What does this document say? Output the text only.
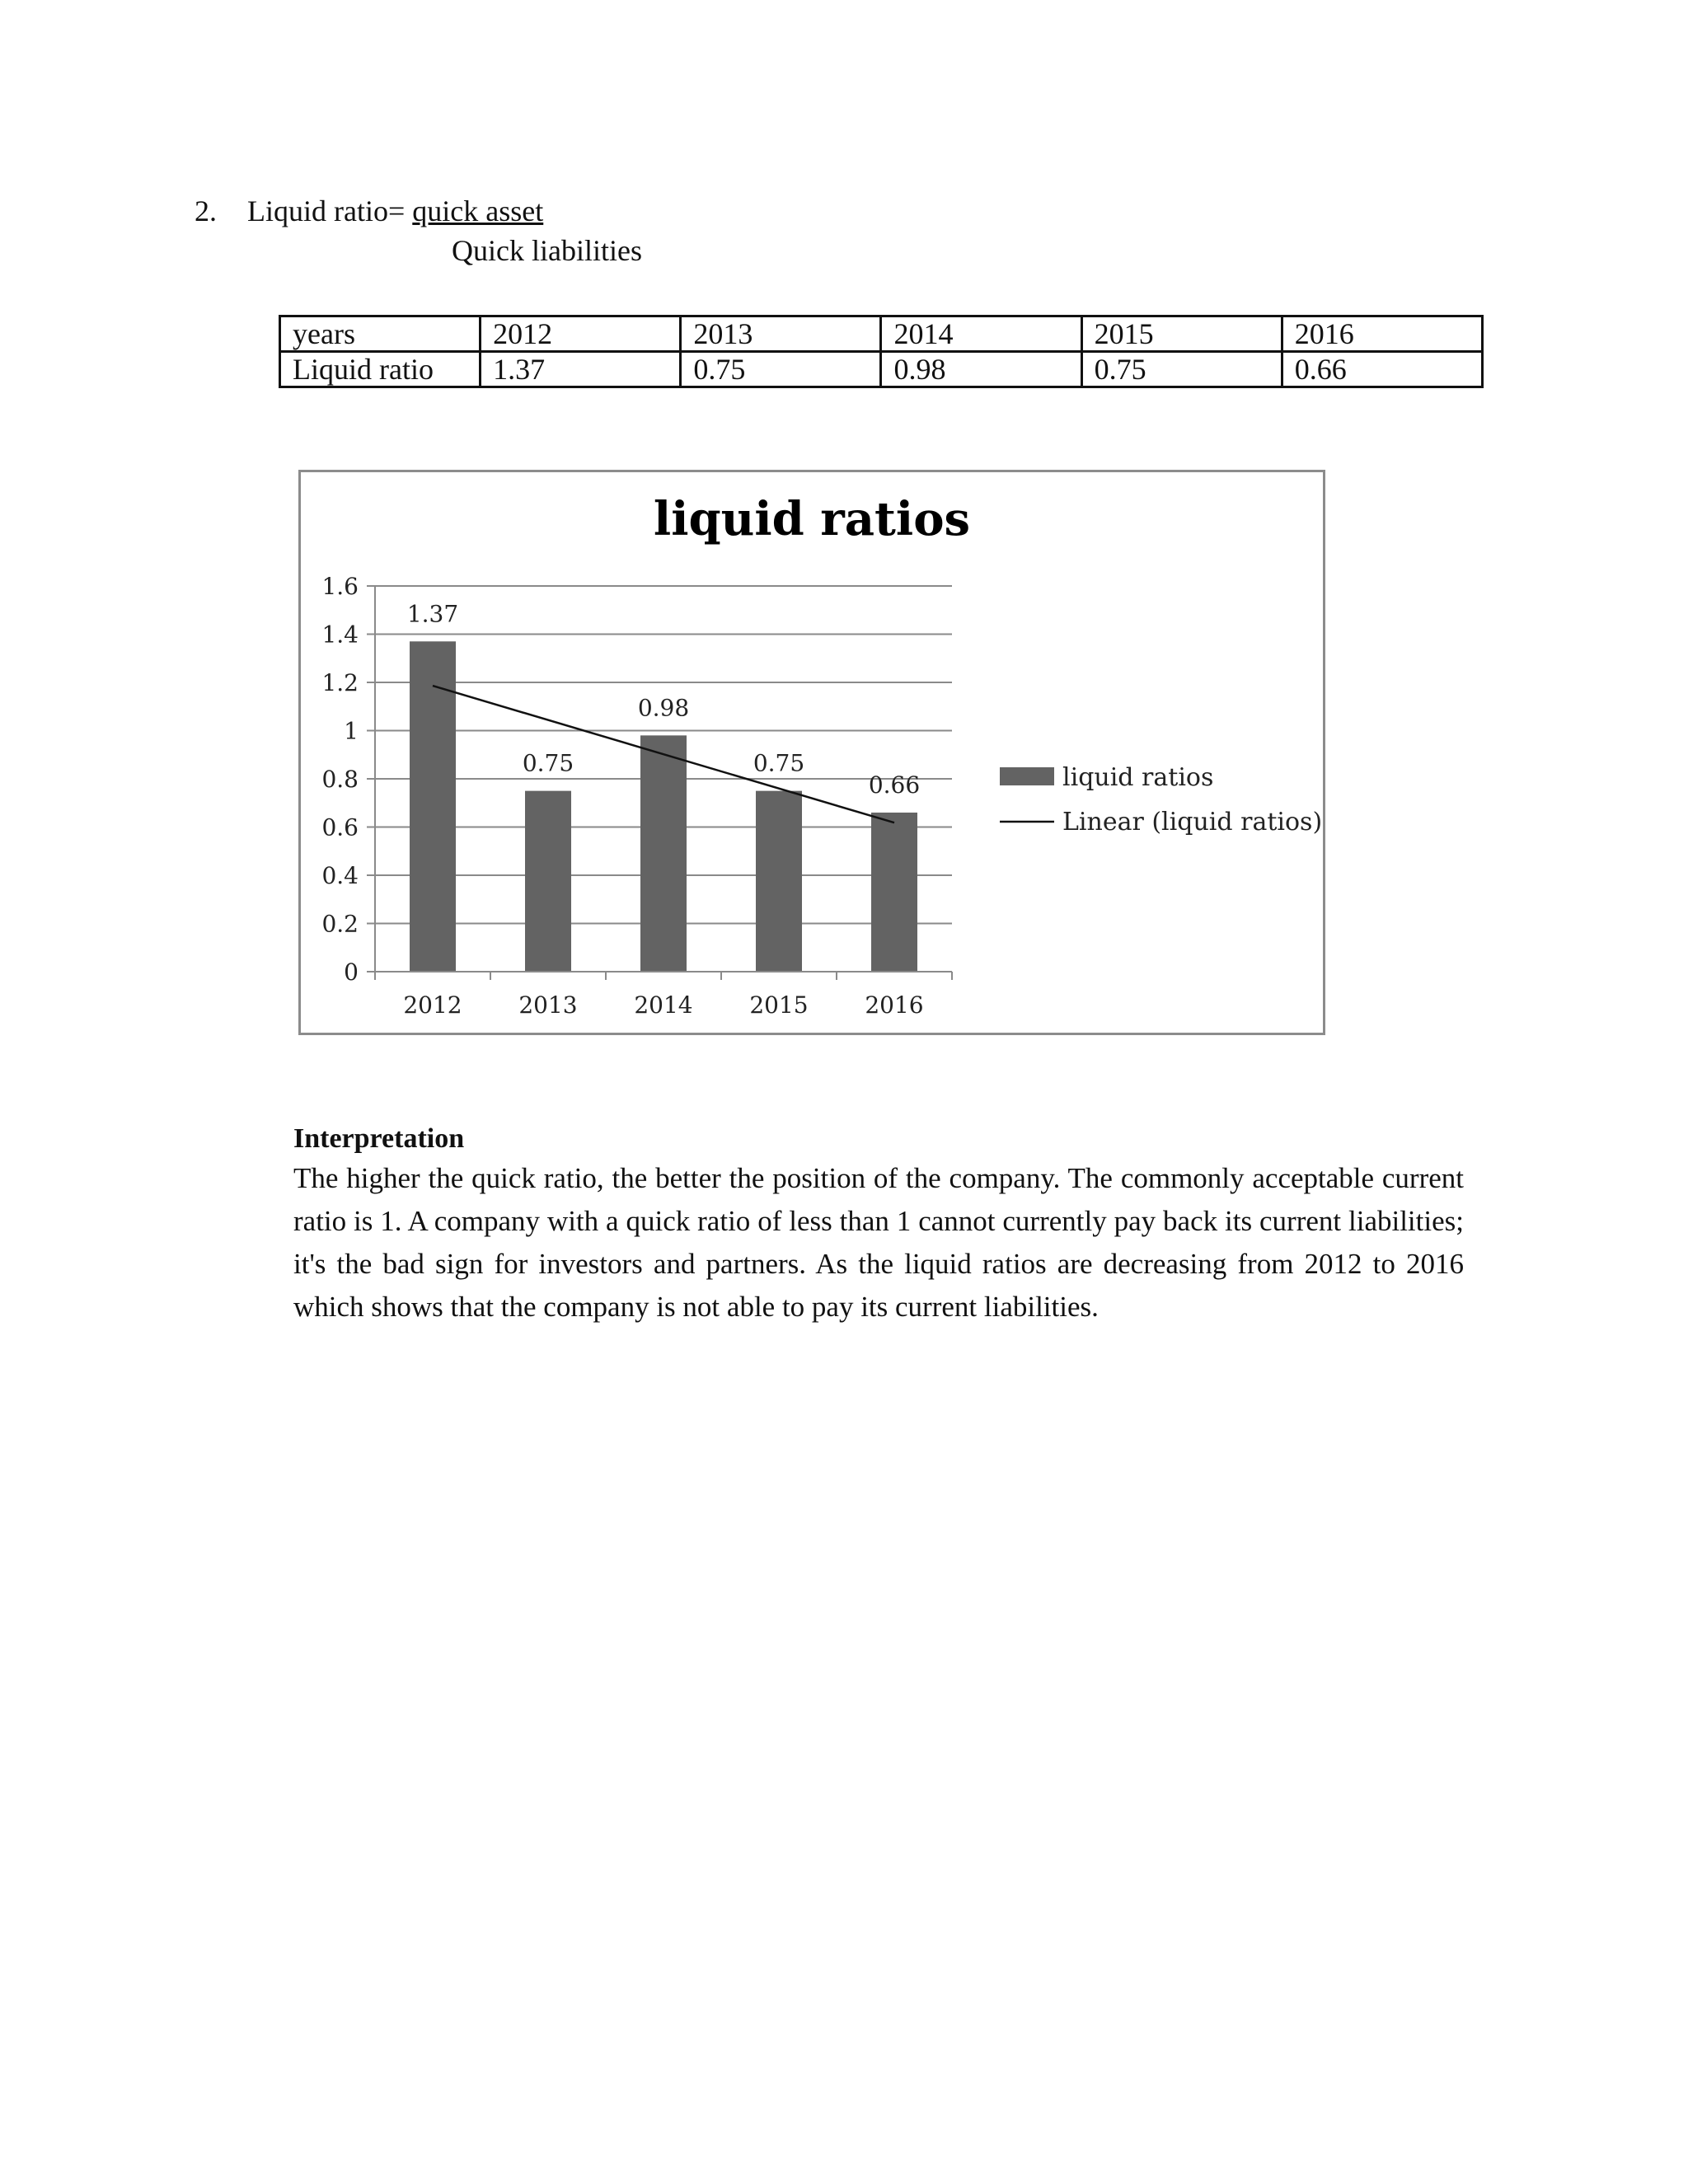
2. Liquid ratio= quick asset
Quick liabilities
years	2012	2013	2014	2015	2016
Liquid ratio	1.37	0.75	0.98	0.75	0.66
liquid ratios
0
0.2
0.4
0.6
0.8
1
1.2
1.4
1.6
1.37
2012
0.75
2013
0.98
2014
0.75
2015
0.66
2016
liquid ratios
Linear (liquid ratios)
Interpretation

The higher the quick ratio, the better the position of the company. The commonly acceptable current ratio is 1. A company with a quick ratio of less than 1 cannot currently pay back its current liabilities; it's the bad sign for investors and partners. As the liquid ratios are decreasing from 2012 to 2016 which shows that the company is not able to pay its current liabilities.
